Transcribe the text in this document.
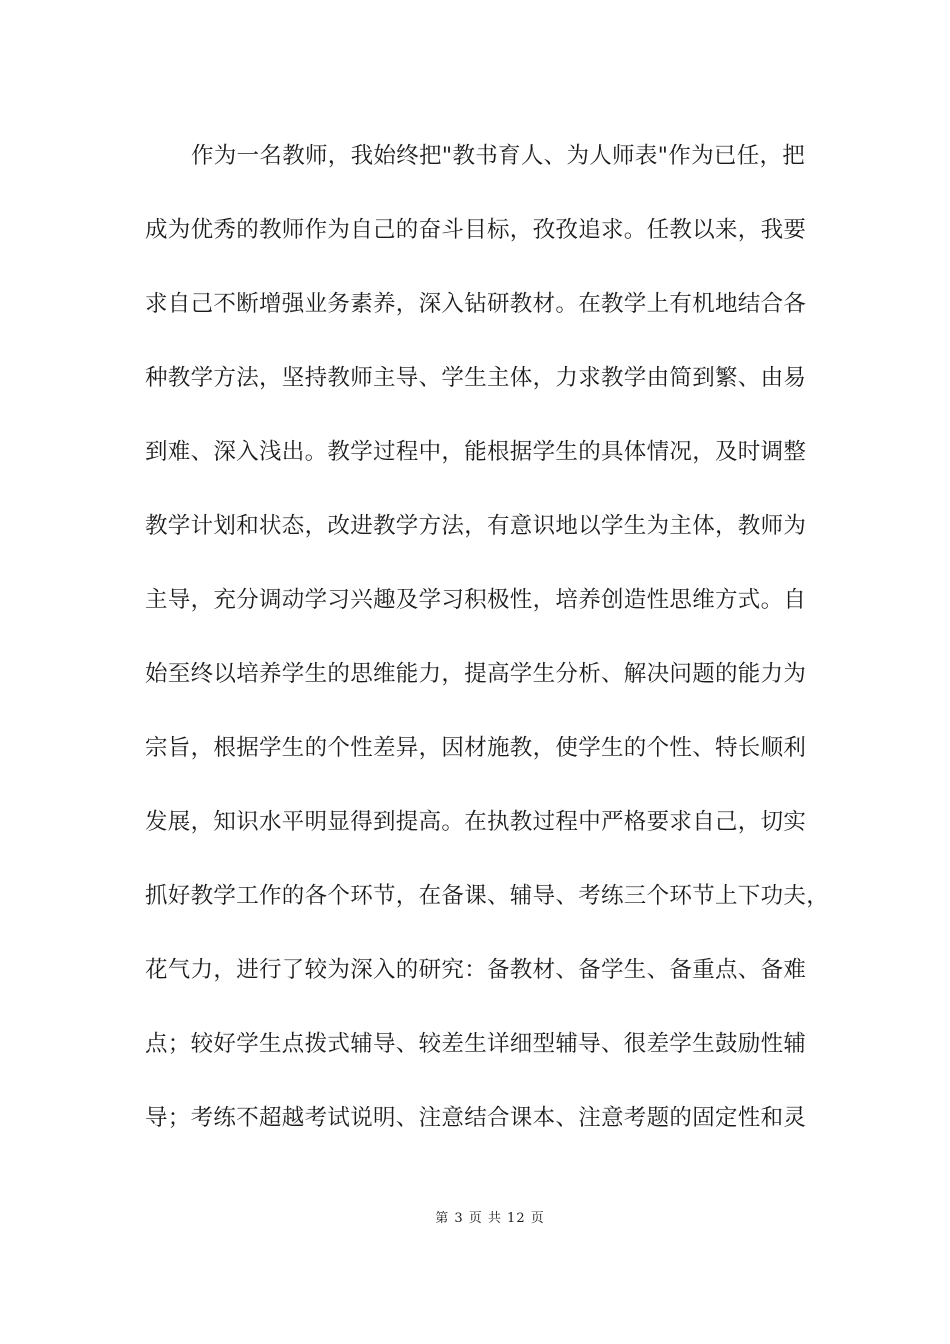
作为一名教师，我始终把"教书育人、为人师表"作为已任，把
成为优秀的教师作为自己的奋斗目标，孜孜追求。任教以来，我要
求自己不断增强业务素养，深入钻研教材。在教学上有机地结合各
种教学方法，坚持教师主导、学生主体，力求教学由简到繁、由易
到难、深入浅出。教学过程中，能根据学生的具体情况，及时调整
教学计划和状态，改进教学方法，有意识地以学生为主体，教师为
主导，充分调动学习兴趣及学习积极性，培养创造性思维方式。自
始至终以培养学生的思维能力，提高学生分析、解决问题的能力为
宗旨，根据学生的个性差异，因材施教，使学生的个性、特长顺利
发展，知识水平明显得到提高。在执教过程中严格要求自己，切实
抓好教学工作的各个环节，在备课、辅导、考练三个环节上下功夫，
花气力，进行了较为深入的研究：备教材、备学生、备重点、备难
点；较好学生点拨式辅导、较差生详细型辅导、很差学生鼓励性辅
导；考练不超越考试说明、注意结合课本、注意考题的固定性和灵
第 3 页 共 12 页
